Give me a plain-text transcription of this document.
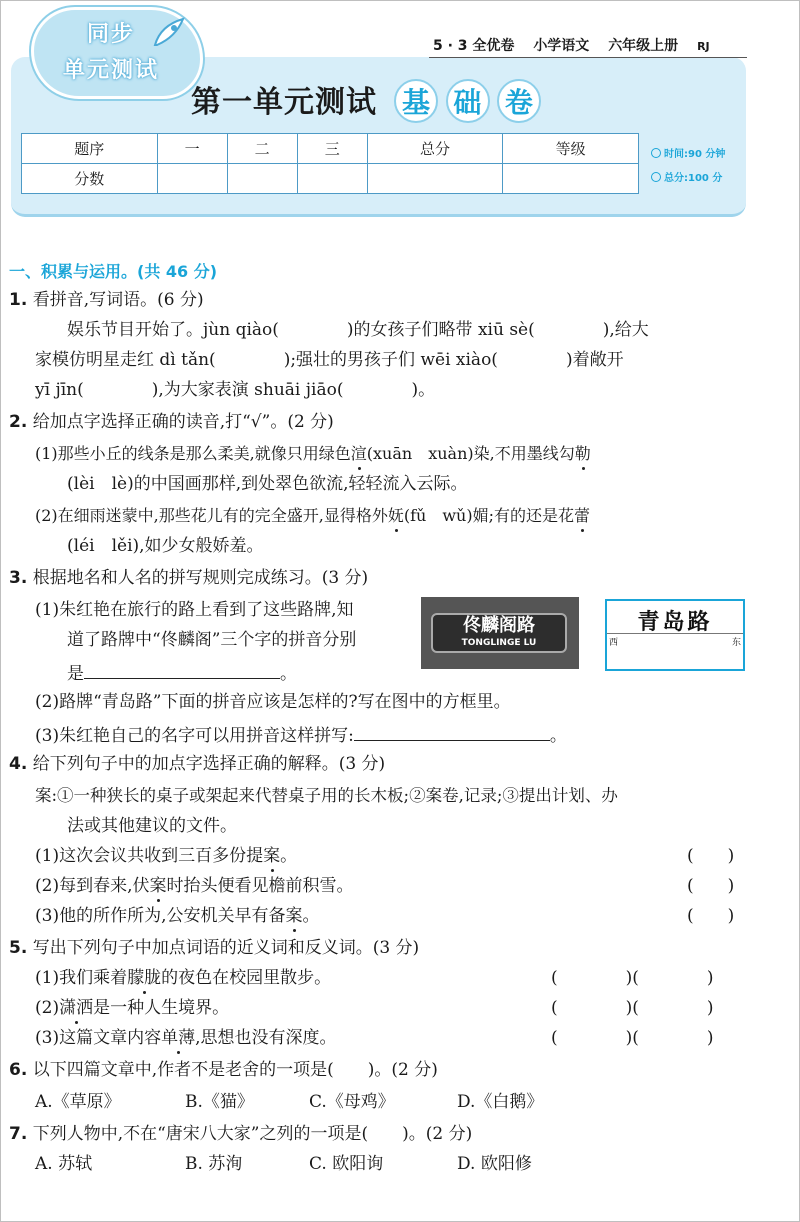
同步
单元测试
5 · 3 全优卷 小学语文 六年级上册 RJ
第一单元测试 基 础 卷
题序	一	二	三	总分	等级
分数					
时间:90 分钟
总分:100 分
一、积累与运用。(共 46 分)
1. 看拼音,写词语。(6 分)
娱乐节目开始了。jùn qiào(	)的女孩子们略带 xiū sè(	),给大
家模仿明星走红 dì tǎn(	);强壮的男孩子们 wēi xiào(	)着敞开
yī jīn(	),为大家表演 shuāi jiāo(	)。
2. 给加点字选择正确的读音,打“√”。(2 分)
(1)那些小丘的线条是那么柔美,就像只用绿色渲(xuān　xuàn)染,不用墨线勾勒
(lèi　lè)的中国画那样,到处翠色欲流,轻轻流入云际。
(2)在细雨迷蒙中,那些花儿有的完全盛开,显得格外妩(fǔ　wǔ)媚;有的还是花蕾
(léi　lěi),如少女般娇羞。
3. 根据地名和人名的拼写规则完成练习。(3 分)
(1)朱红艳在旅行的路上看到了这些路牌,知
道了路牌中“佟麟阁”三个字的拼音分别
是	。
佟麟阁路
TONGLINGE LU
青岛路
西	东
(2)路牌“青岛路”下面的拼音应该是怎样的?写在图中的方框里。
(3)朱红艳自己的名字可以用拼音这样拼写:	。
4. 给下列句子中的加点字选择正确的解释。(3 分)
案:①一种狭长的桌子或架起来代替桌子用的长木板;②案卷,记录;③提出计划、办
法或其他建议的文件。
(1)这次会议共收到三百多份提案。	(　　)
(2)每到春来,伏案时抬头便看见檐前积雪。	(　　)
(3)他的所作所为,公安机关早有备案。	(　　)
5. 写出下列句子中加点词语的近义词和反义词。(3 分)
(1)我们乘着朦胧的夜色在校园里散步。	(　　　　)(　　　　)
(2)潇洒是一种人生境界。	(　　　　)(　　　　)
(3)这篇文章内容单薄,思想也没有深度。	(　　　　)(　　　　)
6. 以下四篇文章中,作者不是老舍的一项是(　　)。(2 分)
A.《草原》	B.《猫》	C.《母鸡》	D.《白鹅》
7. 下列人物中,不在“唐宋八大家”之列的一项是(　　)。(2 分)
A. 苏轼	B. 苏洵	C. 欧阳询	D. 欧阳修
